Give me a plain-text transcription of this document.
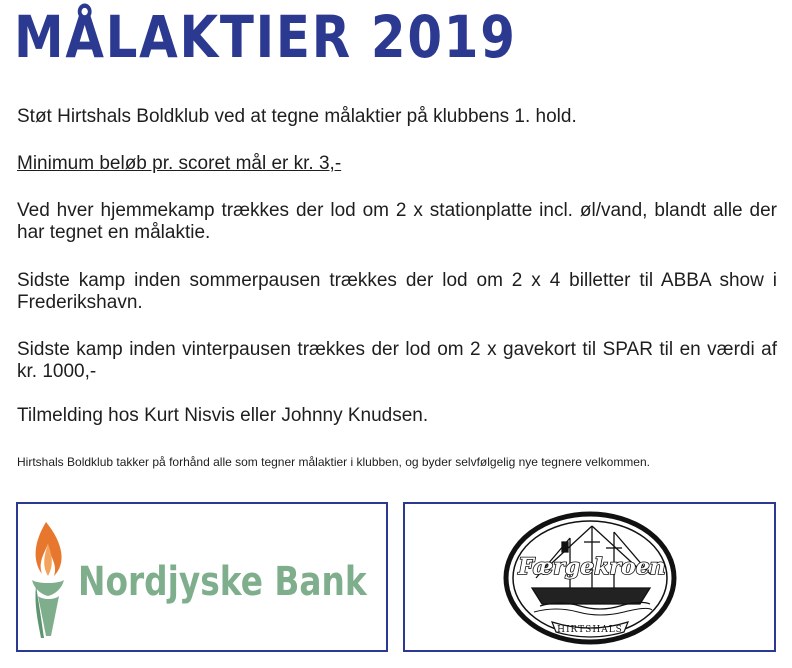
MÅLAKTIER 2019

Støt Hirtshals Boldklub ved at tegne målaktier på klubbens 1. hold.

Minimum beløb pr. scoret mål er kr. 3,-

Ved hver hjemmekamp trækkes der lod om 2 x stationplatte incl. øl/vand, blandt alle der har tegnet en målaktie.

Sidste kamp inden sommerpausen trækkes der lod om 2 x 4 billetter til ABBA show i Frederikshavn.

Sidste kamp inden vinterpausen trækkes der lod om 2 x gavekort til SPAR til en værdi af kr. 1000,-

Tilmelding hos Kurt Nisvis eller Johnny Knudsen.

Hirtshals Boldklub takker på forhånd alle som tegner målaktier i klubben, og byder selvfølgelig nye tegnere velkommen.

Nordjyske Bank	Færgekroen
HIRTSHALS
